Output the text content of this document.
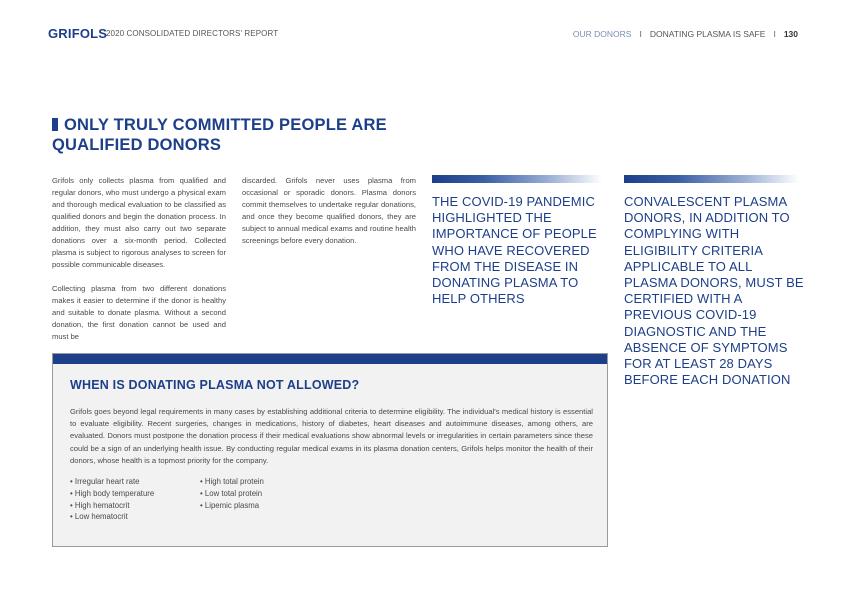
GRIFOLS
2020 CONSOLIDATED DIRECTORS' REPORT	OUR DONORS I DONATING PLASMA IS SAFE I 130
ONLY TRULY COMMITTED PEOPLE ARE QUALIFIED DONORS

Grifols only collects plasma from qualified and regular donors, who must undergo a physical exam and thorough medical evaluation to be classified as qualified donors and begin the donation process. In addition, they must also carry out two separate donations over a six-month period. Collected plasma is subject to rigorous analyses to screen for possible communicable diseases.

Collecting plasma from two different donations makes it easier to determine if the donor is healthy and suitable to donate plasma. Without a second donation, the first donation cannot be used and must be

discarded. Grifols never uses plasma from occasional or sporadic donors. Plasma donors commit themselves to undertake regular donations, and once they become qualified donors, they are subject to annual medical exams and routine health screenings before every donation.

THE COVID-19 PANDEMIC HIGHLIGHTED THE IMPORTANCE OF PEOPLE WHO HAVE RECOVERED FROM THE DISEASE IN DONATING PLASMA TO HELP OTHERS
CONVALESCENT PLASMA DONORS, IN ADDITION TO COMPLYING WITH ELIGIBILITY CRITERIA APPLICABLE TO ALL PLASMA DONORS, MUST BE CERTIFIED WITH A PREVIOUS COVID-19 DIAGNOSTIC AND THE ABSENCE OF SYMPTOMS FOR AT LEAST 28 DAYS BEFORE EACH DONATION
WHEN IS DONATING PLASMA NOT ALLOWED?
Grifols goes beyond legal requirements in many cases by establishing additional criteria to determine eligibility. The individual's medical history is essential to evaluate eligibility. Recent surgeries, changes in medications, history of diabetes, heart diseases and autoimmune diseases, among others, are evaluated. Donors must postpone the donation process if their medical evaluations show abnormal levels or irregularities in certain parameters since these could be a sign of an underlying health issue. By conducting regular medical exams in its plasma donation centers, Grifols helps monitor the health of their donors, whose health is a topmost priority for the company.
• Irregular heart rate
• High body temperature
• High hematocrit
• Low hematocrit
• High total protein
• Low total protein
• Lipemic plasma
